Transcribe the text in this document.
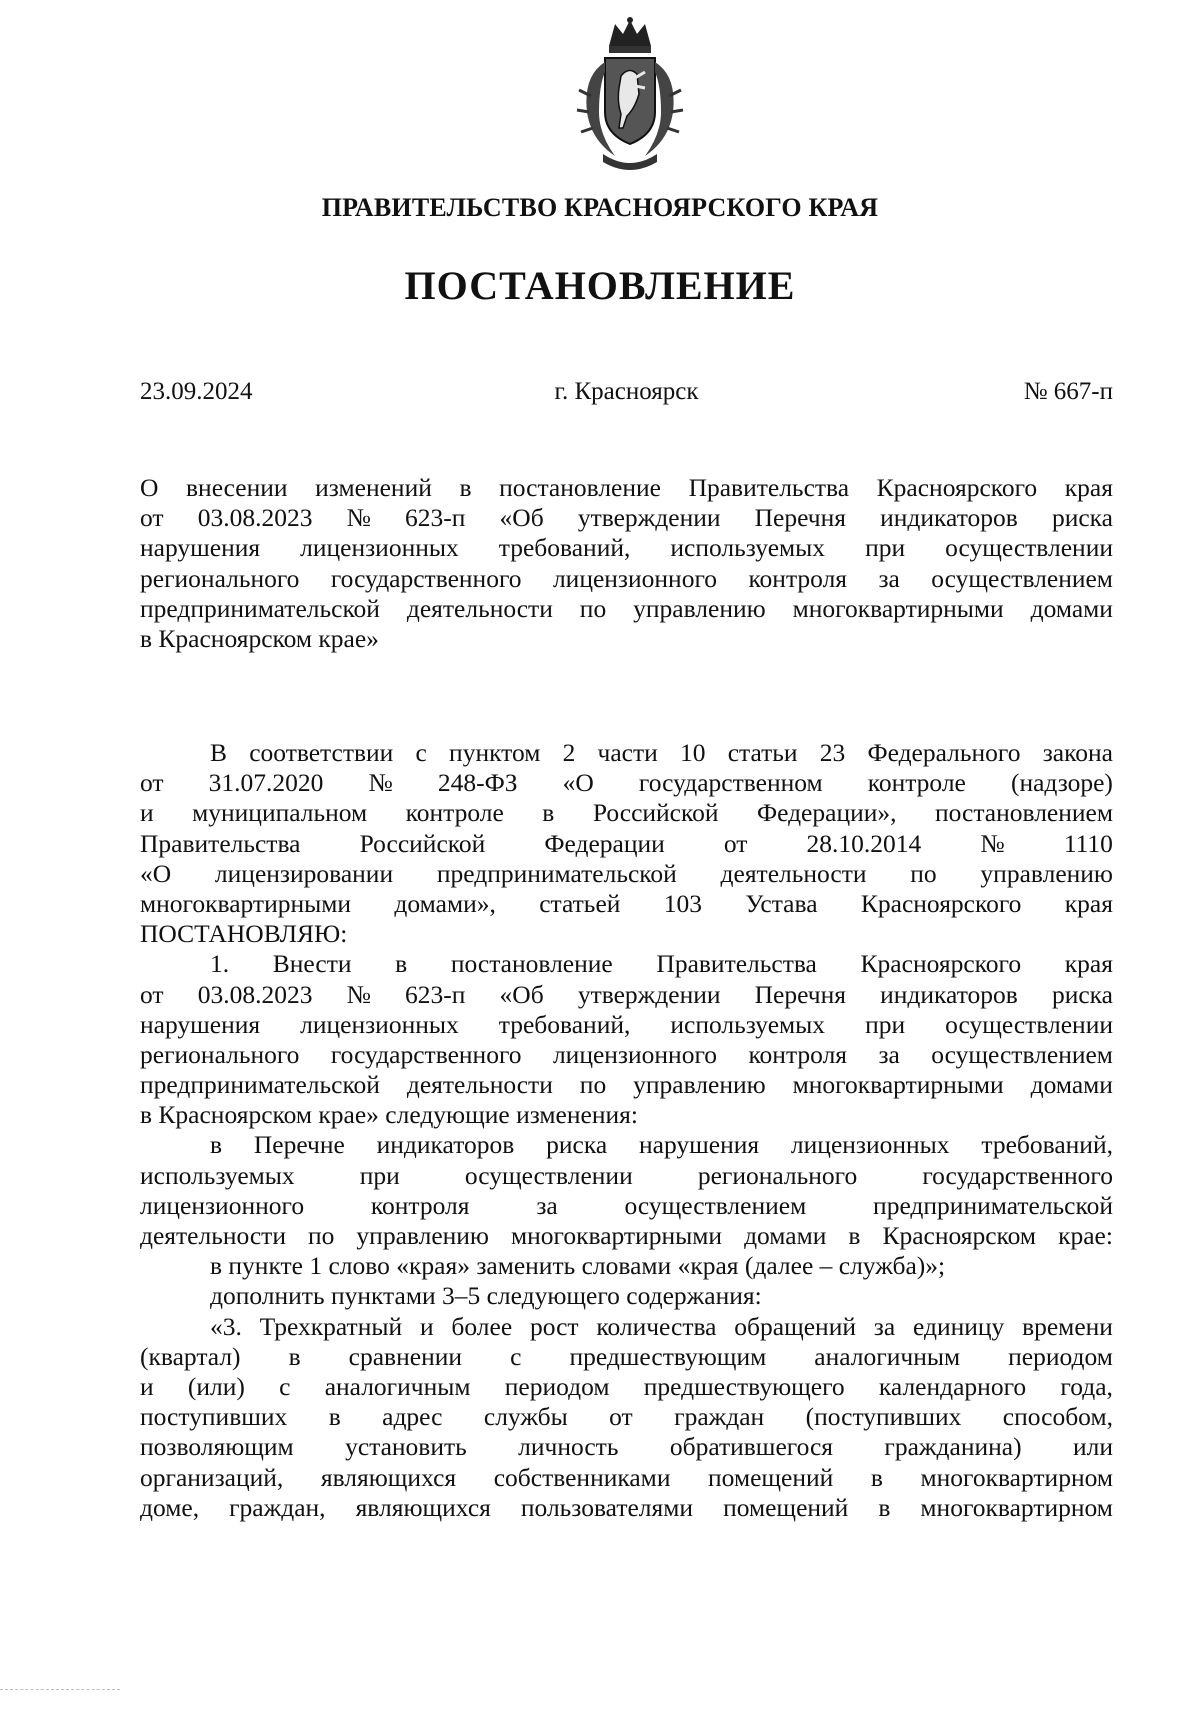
ПРАВИТЕЛЬСТВО КРАСНОЯРСКОГО КРАЯ
ПОСТАНОВЛЕНИЕ
23.09.2024	г. Красноярск	№ 667-п
О внесении изменений в постановление Правительства Красноярского края
от 03.08.2023 № 623-п «Об утверждении Перечня индикаторов риска
нарушения лицензионных требований, используемых при осуществлении
регионального государственного лицензионного контроля за осуществлением
предпринимательской деятельности по управлению многоквартирными домами
в Красноярском крае»
В соответствии с пунктом 2 части 10 статьи 23 Федерального закона
от 31.07.2020 № 248-ФЗ «О государственном контроле (надзоре)
и муниципальном контроле в Российской Федерации», постановлением
Правительства Российской Федерации от 28.10.2014 № 1110
«О лицензировании предпринимательской деятельности по управлению
многоквартирными домами», статьей 103 Устава Красноярского края
ПОСТАНОВЛЯЮ:
1. Внести в постановление Правительства Красноярского края
от 03.08.2023 № 623-п «Об утверждении Перечня индикаторов риска
нарушения лицензионных требований, используемых при осуществлении
регионального государственного лицензионного контроля за осуществлением
предпринимательской деятельности по управлению многоквартирными домами
в Красноярском крае» следующие изменения:
в Перечне индикаторов риска нарушения лицензионных требований,
используемых	при	осуществлении	регионального	государственного
лицензионного	контроля	за	осуществлением	предпринимательской
деятельности по управлению многоквартирными домами в Красноярском крае:
в пункте 1 слово «края» заменить словами «края (далее – служба)»;
дополнить пунктами 3–5 следующего содержания:
«3. Трехкратный и более рост количества обращений за единицу времени
(квартал) в сравнении с предшествующим аналогичным периодом
и (или) с аналогичным периодом предшествующего календарного года,
поступивших в адрес службы от граждан (поступивших способом,
позволяющим установить личность обратившегося гражданина) или
организаций, являющихся собственниками помещений в многоквартирном
доме, граждан, являющихся пользователями помещений в многоквартирном
